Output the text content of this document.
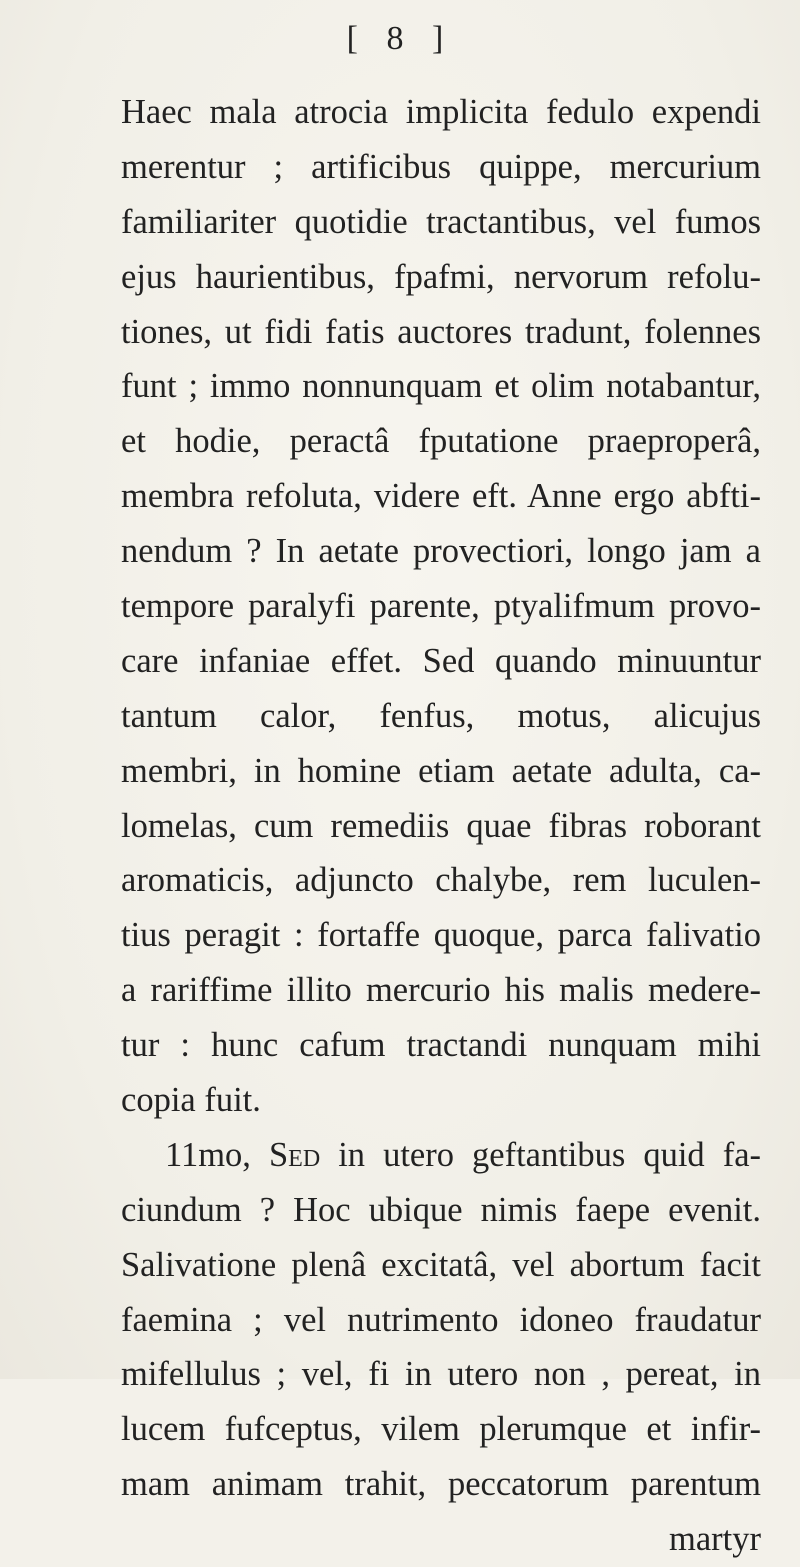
[ 8 ]
Haec mala atrocia implicita fedulo expendi
merentur ; artificibus quippe, mercurium
familiariter quotidie tractantibus, vel fumos
ejus haurientibus, fpafmi, nervorum refolu-
tiones, ut fidi fatis auctores tradunt, folennes
funt ; immo nonnunquam et olim notabantur,
et hodie, peractâ fputatione praeproperâ,
membra refoluta, videre eft. Anne ergo abfti-
nendum ? In aetate provectiori, longo jam a
tempore paralyfi parente, ptyalifmum provo-
care infaniae effet. Sed quando minuuntur
tantum calor, fenfus, motus, alicujus
membri, in homine etiam aetate adulta, ca-
lomelas, cum remediis quae fibras roborant
aromaticis, adjuncto chalybe, rem luculen-
tius peragit : fortaffe quoque, parca falivatio
a rariffime illito mercurio his malis medere-
tur : hunc cafum tractandi nunquam mihi
copia fuit.
11mo, Sed in utero geftantibus quid fa-
ciundum ? Hoc ubique nimis faepe evenit.
Salivatione plenâ excitatâ, vel abortum facit
faemina ; vel nutrimento idoneo fraudatur
mifellulus ; vel, fi in utero non , pereat, in
lucem fufceptus, vilem plerumque et infir-
mam animam trahit, peccatorum parentum
martyr
